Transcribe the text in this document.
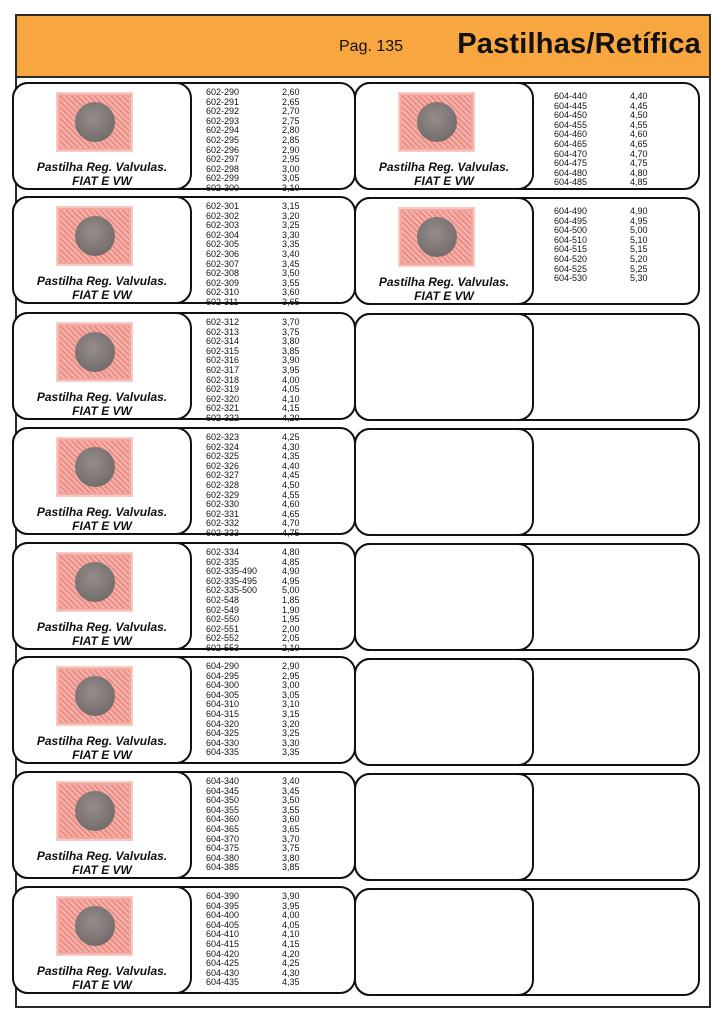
Pag. 135 Pastilhas/Retífica
Pastilha Reg. Valvulas.
FIAT E VW
602-290	2,60
602-291	2,65
602-292	2,70
602-293	2,75
602-294	2,80
602-295	2,85
602-296	2,90
602-297	2,95
602-298	3,00
602-299	3,05
602-300	3,10
Pastilha Reg. Valvulas.
FIAT E VW
602-301	3,15
602-302	3,20
602-303	3,25
602-304	3,30
602-305	3,35
602-306	3,40
602-307	3,45
602-308	3,50
602-309	3,55
602-310	3,60
602-311	3,65
Pastilha Reg. Valvulas.
FIAT E VW
602-312	3,70
602-313	3,75
602-314	3,80
602-315	3,85
602-316	3,90
602-317	3,95
602-318	4,00
602-319	4,05
602-320	4,10
602-321	4,15
602-322	4,20
Pastilha Reg. Valvulas.
FIAT E VW
602-323	4,25
602-324	4,30
602-325	4,35
602-326	4,40
602-327	4,45
602-328	4,50
602-329	4,55
602-330	4,60
602-331	4,65
602-332	4,70
602-333	4,75
Pastilha Reg. Valvulas.
FIAT E VW
602-334	4,80
602-335	4,85
602-335-490	4,90
602-335-495	4,95
602-335-500	5,00
602-548	1,85
602-549	1,90
602-550	1,95
602-551	2,00
602-552	2,05
602-553	2,10
Pastilha Reg. Valvulas.
FIAT E VW
604-290	2,90
604-295	2,95
604-300	3,00
604-305	3,05
604-310	3,10
604-315	3,15
604-320	3,20
604-325	3,25
604-330	3,30
604-335	3,35
Pastilha Reg. Valvulas.
FIAT E VW
604-340	3,40
604-345	3,45
604-350	3,50
604-355	3,55
604-360	3,60
604-365	3,65
604-370	3,70
604-375	3,75
604-380	3,80
604-385	3,85
Pastilha Reg. Valvulas.
FIAT E VW
604-390	3,90
604-395	3,95
604-400	4,00
604-405	4,05
604-410	4,10
604-415	4,15
604-420	4,20
604-425	4,25
604-430	4,30
604-435	4,35
Pastilha Reg. Valvulas.
FIAT E VW
604-440	4,40
604-445	4,45
604-450	4,50
604-455	4,55
604-460	4,60
604-465	4,65
604-470	4,70
604-475	4,75
604-480	4,80
604-485	4,85
Pastilha Reg. Valvulas.
FIAT E VW
604-490	4,90
604-495	4,95
604-500	5,00
604-510	5,10
604-515	5,15
604-520	5,20
604-525	5,25
604-530	5,30
